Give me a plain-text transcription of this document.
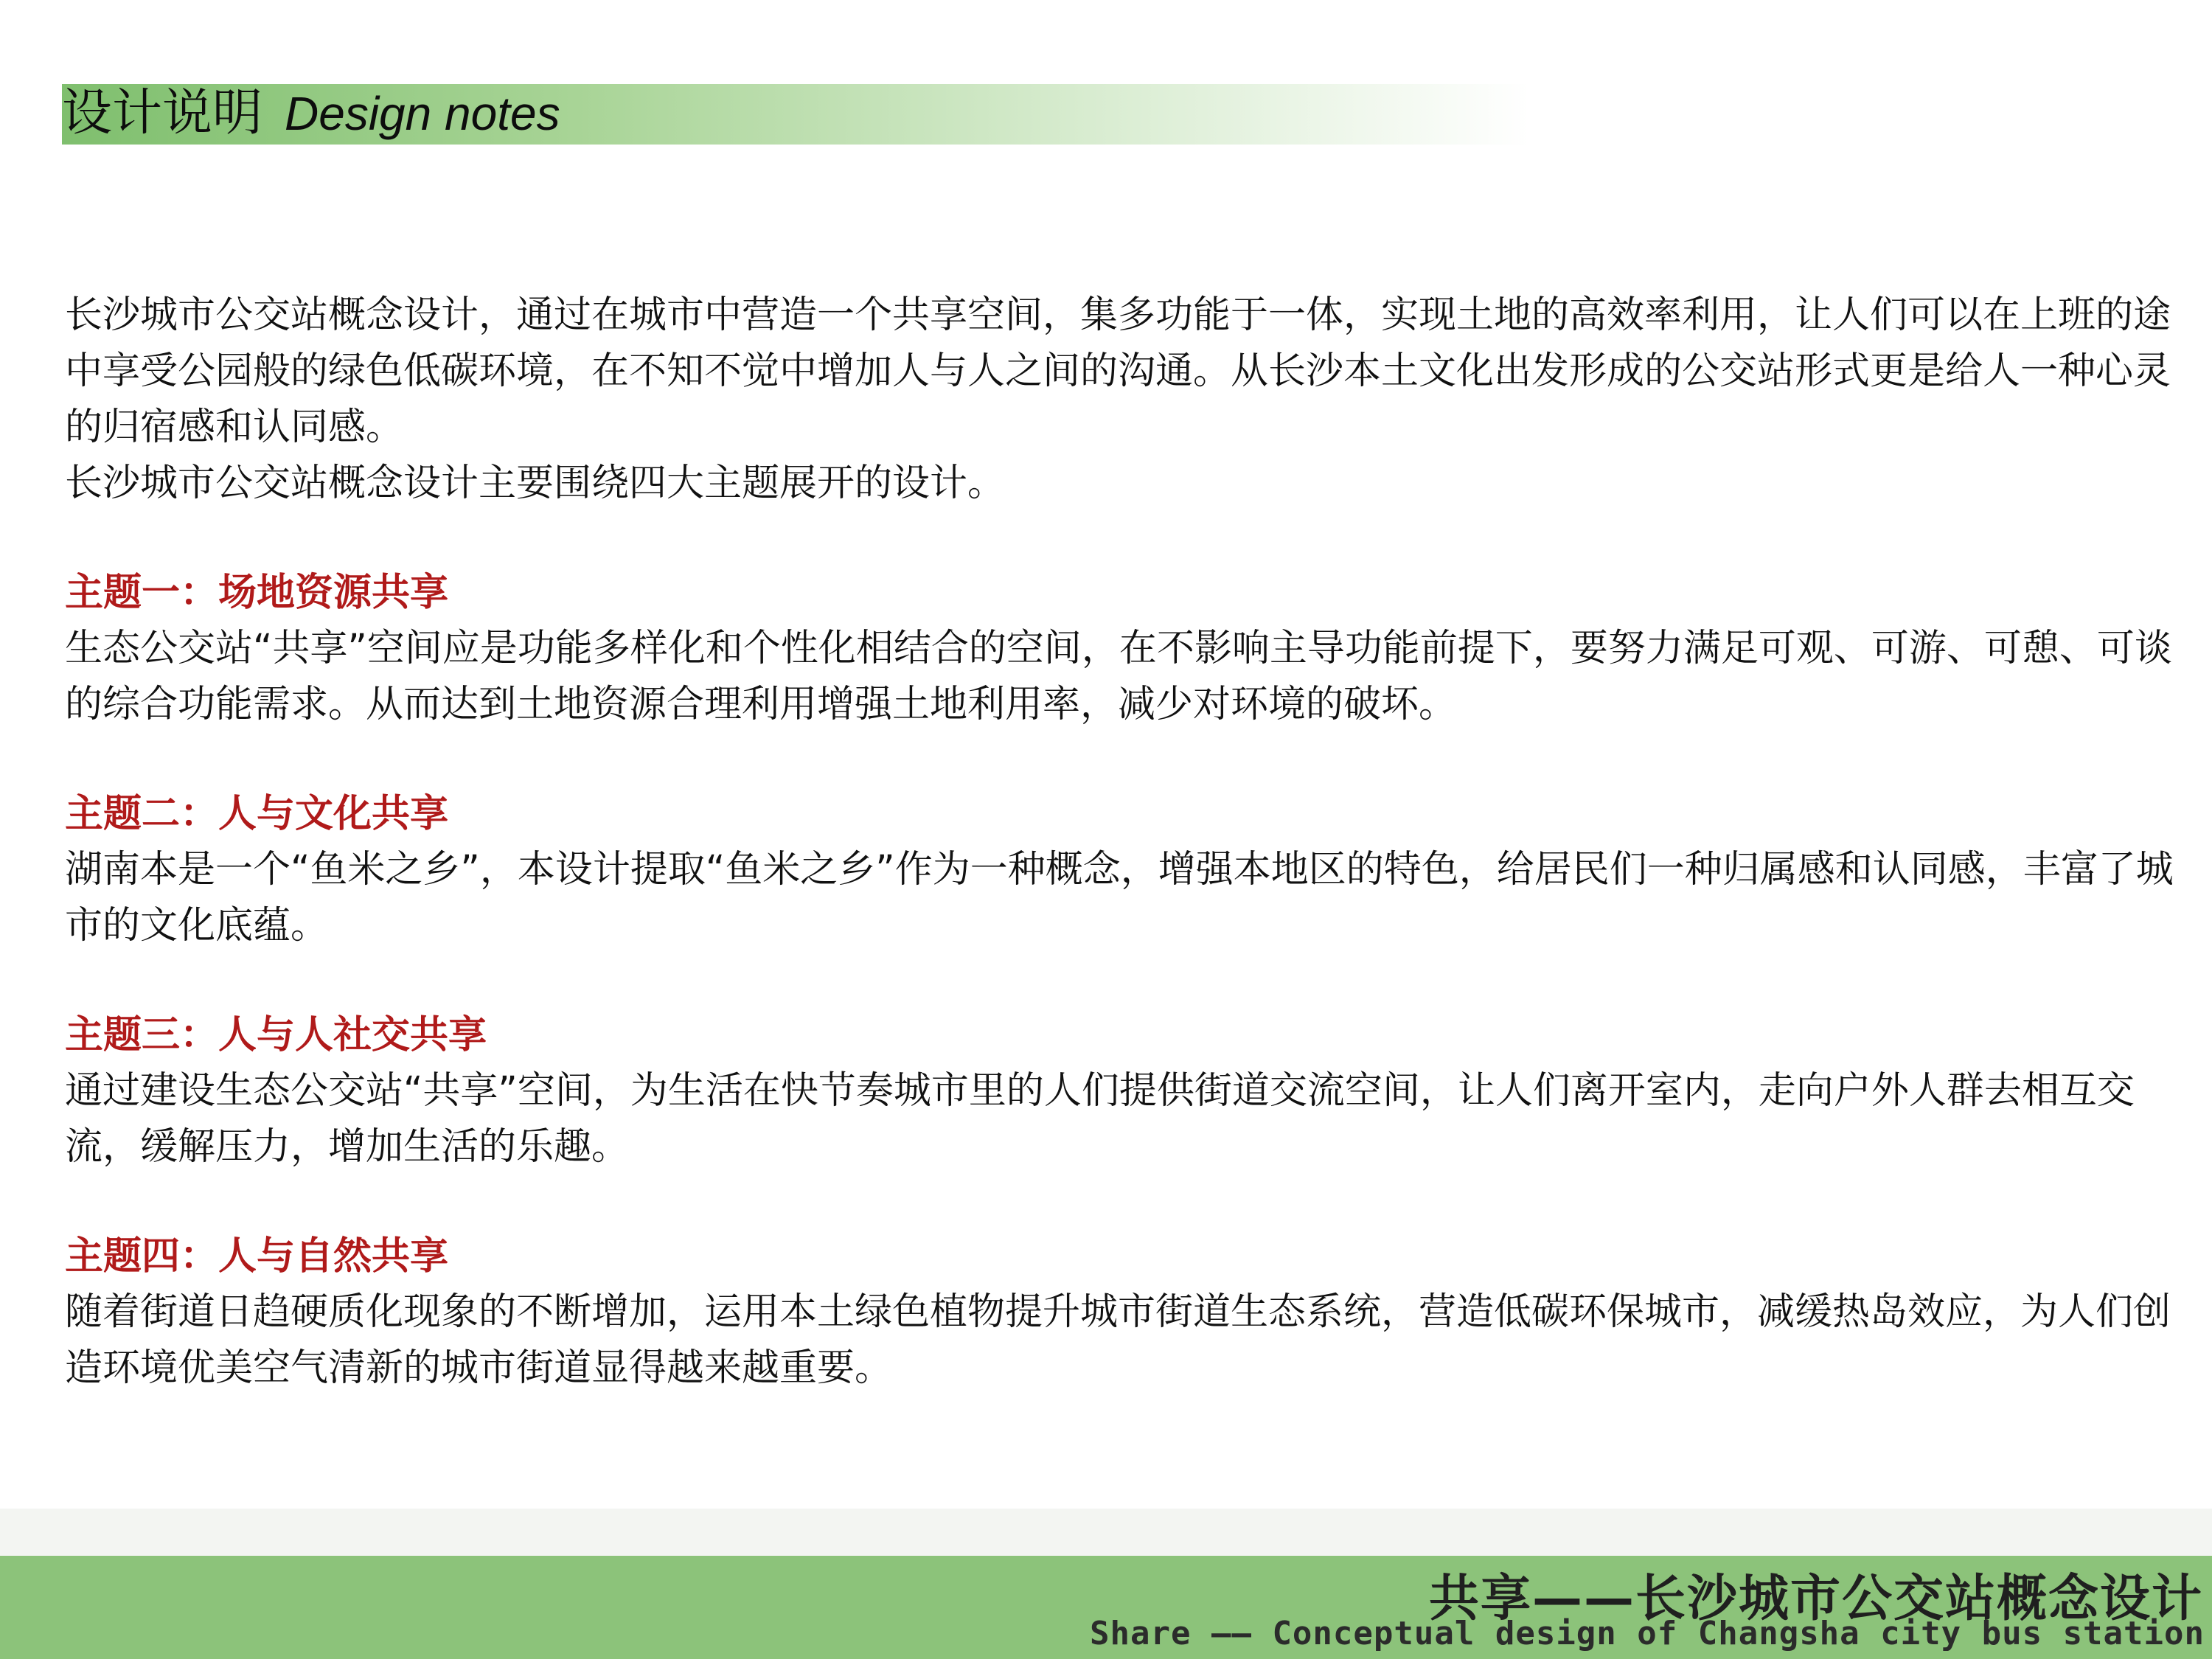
设计说明 Design notes

长沙城市公交站概念设计，通过在城市中营造一个共享空间，集多功能于一体，实现土地的高效率利用，让人们可以在上班的途中享受公园般的绿色低碳环境，在不知不觉中增加人与人之间的沟通。从长沙本土文化出发形成的公交站形式更是给人一种心灵的归宿感和认同感。

长沙城市公交站概念设计主要围绕四大主题展开的设计。

主题一：场地资源共享

生态公交站“共享”空间应是功能多样化和个性化相结合的空间，在不影响主导功能前提下，要努力满足可观、可游、可憩、可谈的综合功能需求。从而达到土地资源合理利用增强土地利用率，减少对环境的破坏。

主题二：人与文化共享

湖南本是一个“鱼米之乡”，本设计提取“鱼米之乡”作为一种概念，增强本地区的特色，给居民们一种归属感和认同感，丰富了城市的文化底蕴。

主题三：人与人社交共享

通过建设生态公交站“共享”空间，为生活在快节奏城市里的人们提供街道交流空间，让人们离开室内，走向户外人群去相互交流，缓解压力，增加生活的乐趣。

主题四：人与自然共享

随着街道日趋硬质化现象的不断增加，运用本土绿色植物提升城市街道生态系统，营造低碳环保城市，减缓热岛效应，为人们创造环境优美空气清新的城市街道显得越来越重要。

共享——长沙城市公交站概念设计
Share —— Conceptual design of Changsha city bus station
